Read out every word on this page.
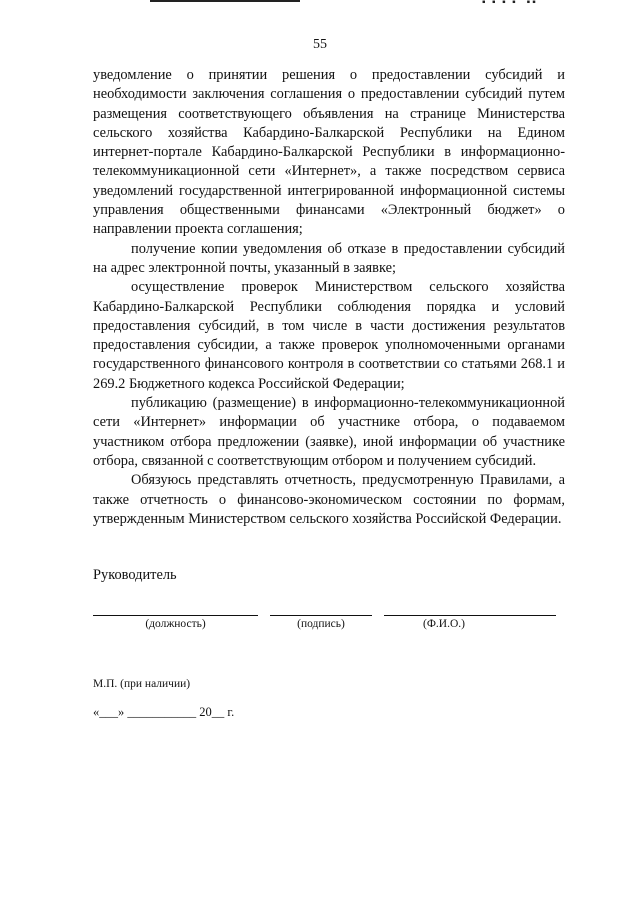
▪ ▪ ▪ ▪  ▪▪
55

уведомление о принятии решения о предоставлении субсидий и необходимости заключения соглашения о предоставлении субсидий путем размещения соответствующего объявления на странице Министерства сельского хозяйства Кабардино-Балкарской Республики на Едином интернет-портале Кабардино-Балкарской Республики в информационно-телекоммуникационной сети «Интернет», а также посредством сервиса уведомлений государственной интегрированной информационной системы управления общественными финансами «Электронный бюджет» о направлении проекта соглашения;

получение копии уведомления об отказе в предоставлении субсидий на адрес электронной почты, указанный в заявке;

осуществление проверок Министерством сельского хозяйства Кабардино-Балкарской Республики соблюдения порядка и условий предоставления субсидий, в том числе в части достижения результатов предоставления субсидии, а также проверок уполномоченными органами государственного финансового контроля в соответствии со статьями 268.1 и 269.2 Бюджетного кодекса Российской Федерации;

публикацию (размещение) в информационно-телекоммуникационной сети «Интернет» информации об участнике отбора, о подаваемом участником отбора предложении (заявке), иной информации об участнике отбора, связанной с соответствующим отбором и получением субсидий.

Обязуюсь представлять отчетность, предусмотренную Правилами, а также отчетность о финансово-экономическом состоянии по формам, утвержденным Министерством сельского хозяйства Российской Федерации.

Руководитель
(должность)	(подпись)	(Ф.И.О.)
М.П. (при наличии)
«___» ___________ 20__ г.
